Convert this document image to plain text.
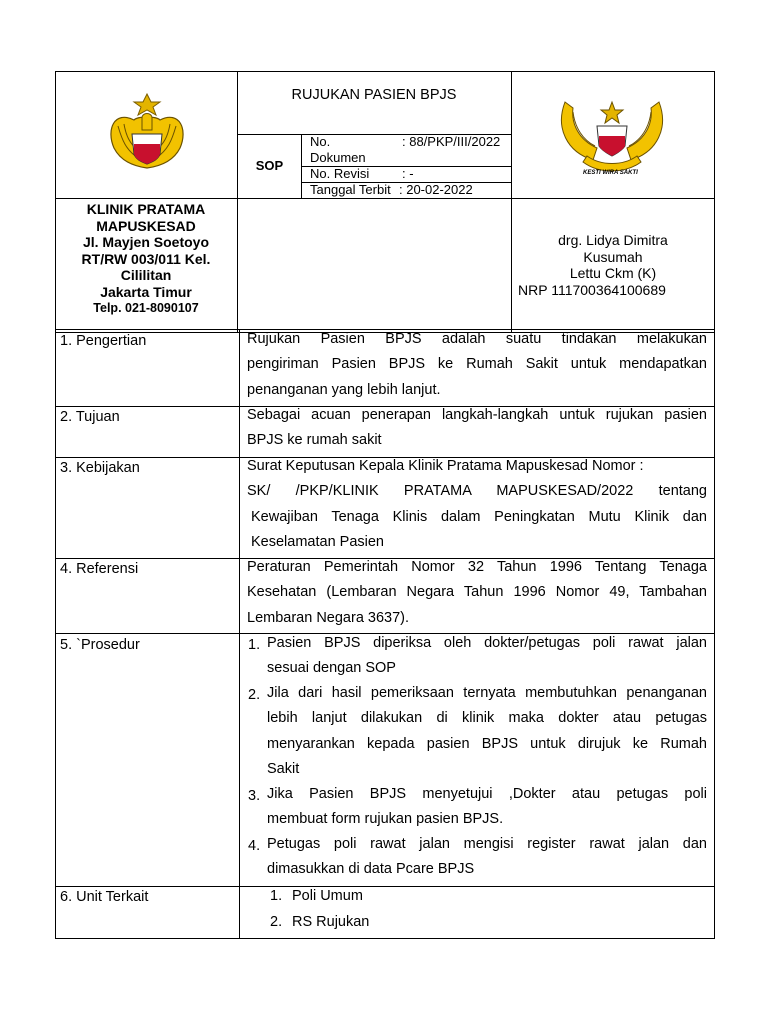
KESTI WIRA SAKTI
RUJUKAN PASIEN BPJS
SOP
No.	: 88/PKP/III/2022
Dokumen
No. Revisi	: -
Tanggal Terbit : 20-02-2022
KLINIK PRATAMA
MAPUSKESAD
Jl. Mayjen Soetoyo
RT/RW 003/011 Kel.
Cililitan
Jakarta Timur
Telp. 021-8090107
drg. Lidya Dimitra
Kusumah
Lettu Ckm (K)
NRP 111700364100689
1. Pengertian
2. Tujuan
3. Kebijakan
4. Referensi
5. `Prosedur
6. Unit Terkait
Rujukan Pasien BPJS adalah suatu tindakan melakukan
pengiriman Pasien BPJS ke Rumah Sakit untuk mendapatkan
penanganan yang lebih lanjut.
Sebagai acuan penerapan langkah-langkah untuk rujukan pasien
BPJS ke rumah sakit
Surat Keputusan Kepala Klinik Pratama Mapuskesad Nomor :
SK/ /PKP/KLINIK PRATAMA MAPUSKESAD/2022 tentang
Kewajiban Tenaga Klinis dalam Peningkatan Mutu Klinik dan
Keselamatan Pasien
Peraturan Pemerintah Nomor 32 Tahun 1996 Tentang Tenaga
Kesehatan (Lembaran Negara Tahun 1996 Nomor 49, Tambahan
Lembaran Negara 3637).
1. Pasien BPJS diperiksa oleh dokter/petugas poli rawat jalan
sesuai dengan SOP
2. Jila dari hasil pemeriksaan ternyata membutuhkan penanganan
lebih lanjut dilakukan di klinik maka dokter atau petugas
menyarankan kepada pasien BPJS untuk dirujuk ke Rumah
Sakit
3. Jika Pasien BPJS menyetujui ,Dokter atau petugas poli
membuat form rujukan pasien BPJS.
4. Petugas poli rawat jalan mengisi register rawat jalan dan
dimasukkan di data Pcare BPJS
1. Poli Umum
2. RS Rujukan
